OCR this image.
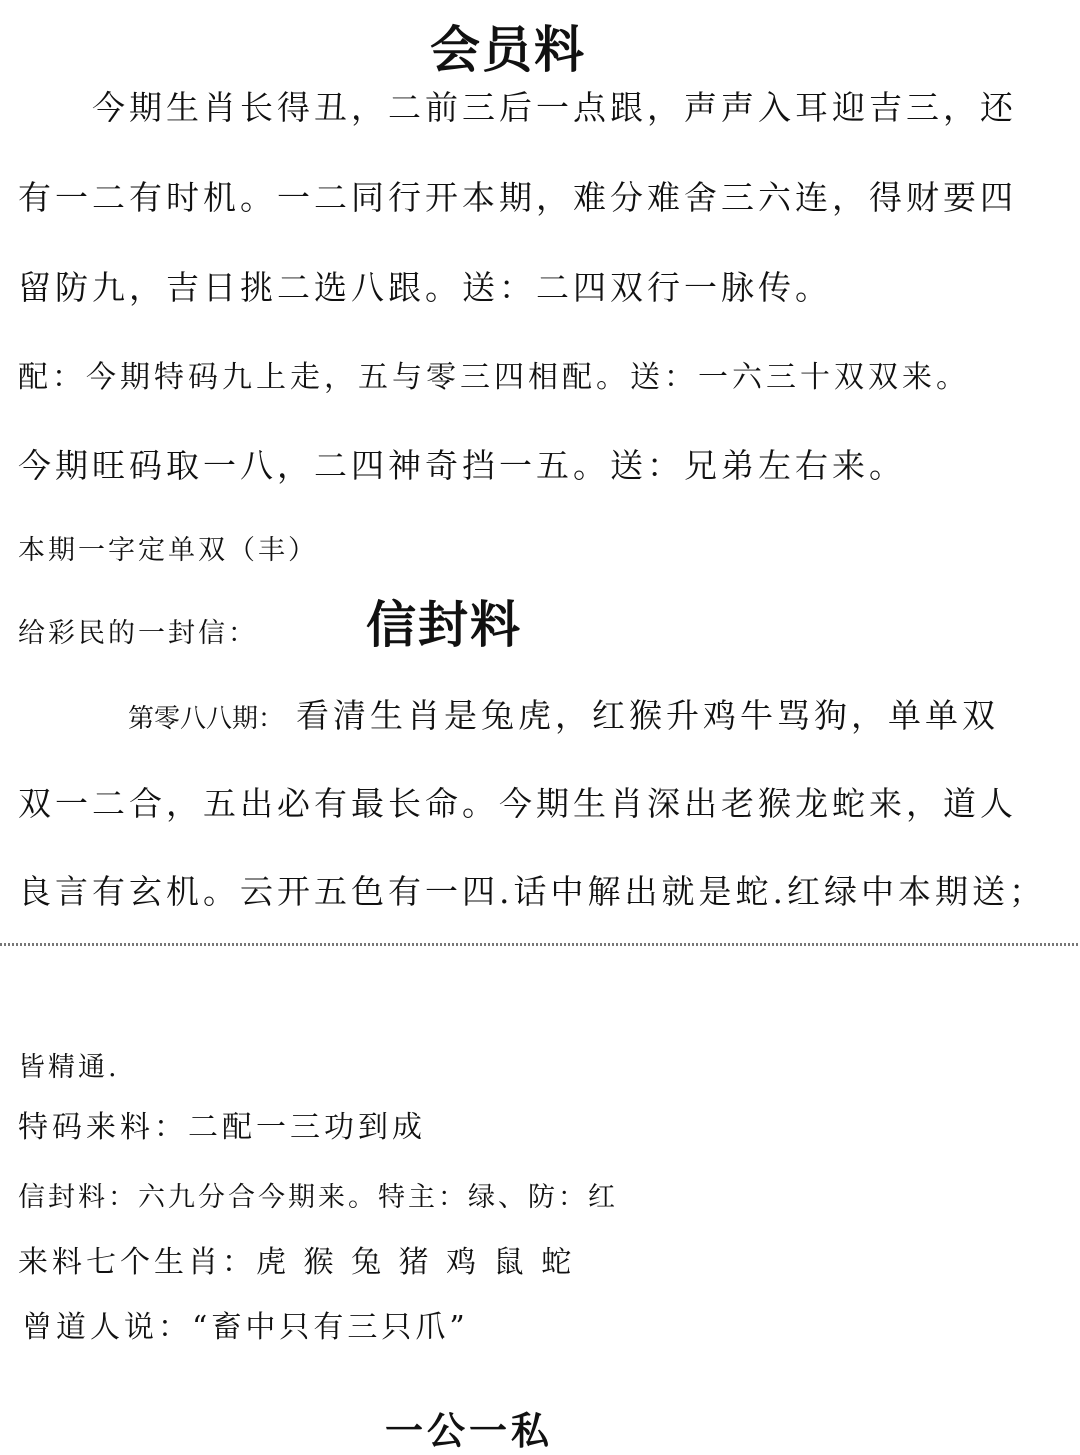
会员料

今期生肖长得丑，二前三后一点跟，声声入耳迎吉三，还

有一二有时机。一二同行开本期，难分难舍三六连，得财要四

留防九，吉日挑二选八跟。送：二四双行一脉传。

配：今期特码九上走，五与零三四相配。送：一六三十双双来。

今期旺码取一八，二四神奇挡一五。送：兄弟左右来。

本期一字定单双（丰）

给彩民的一封信： 信封料
第零八八期： 看清生肖是兔虎，红猴升鸡牛骂狗，单单双

双一二合，五出必有最长命。今期生肖深出老猴龙蛇来，道人

良言有玄机。云开五色有一四.话中解出就是蛇.红绿中本期送；

皆精通.

特码来料：二配一三功到成

信封料：六九分合今期来。特主：绿、防：红

来料七个生肖：虎 猴 兔 猪 鸡 鼠 蛇

曾道人说：“畜中只有三只爪”

一公一私
